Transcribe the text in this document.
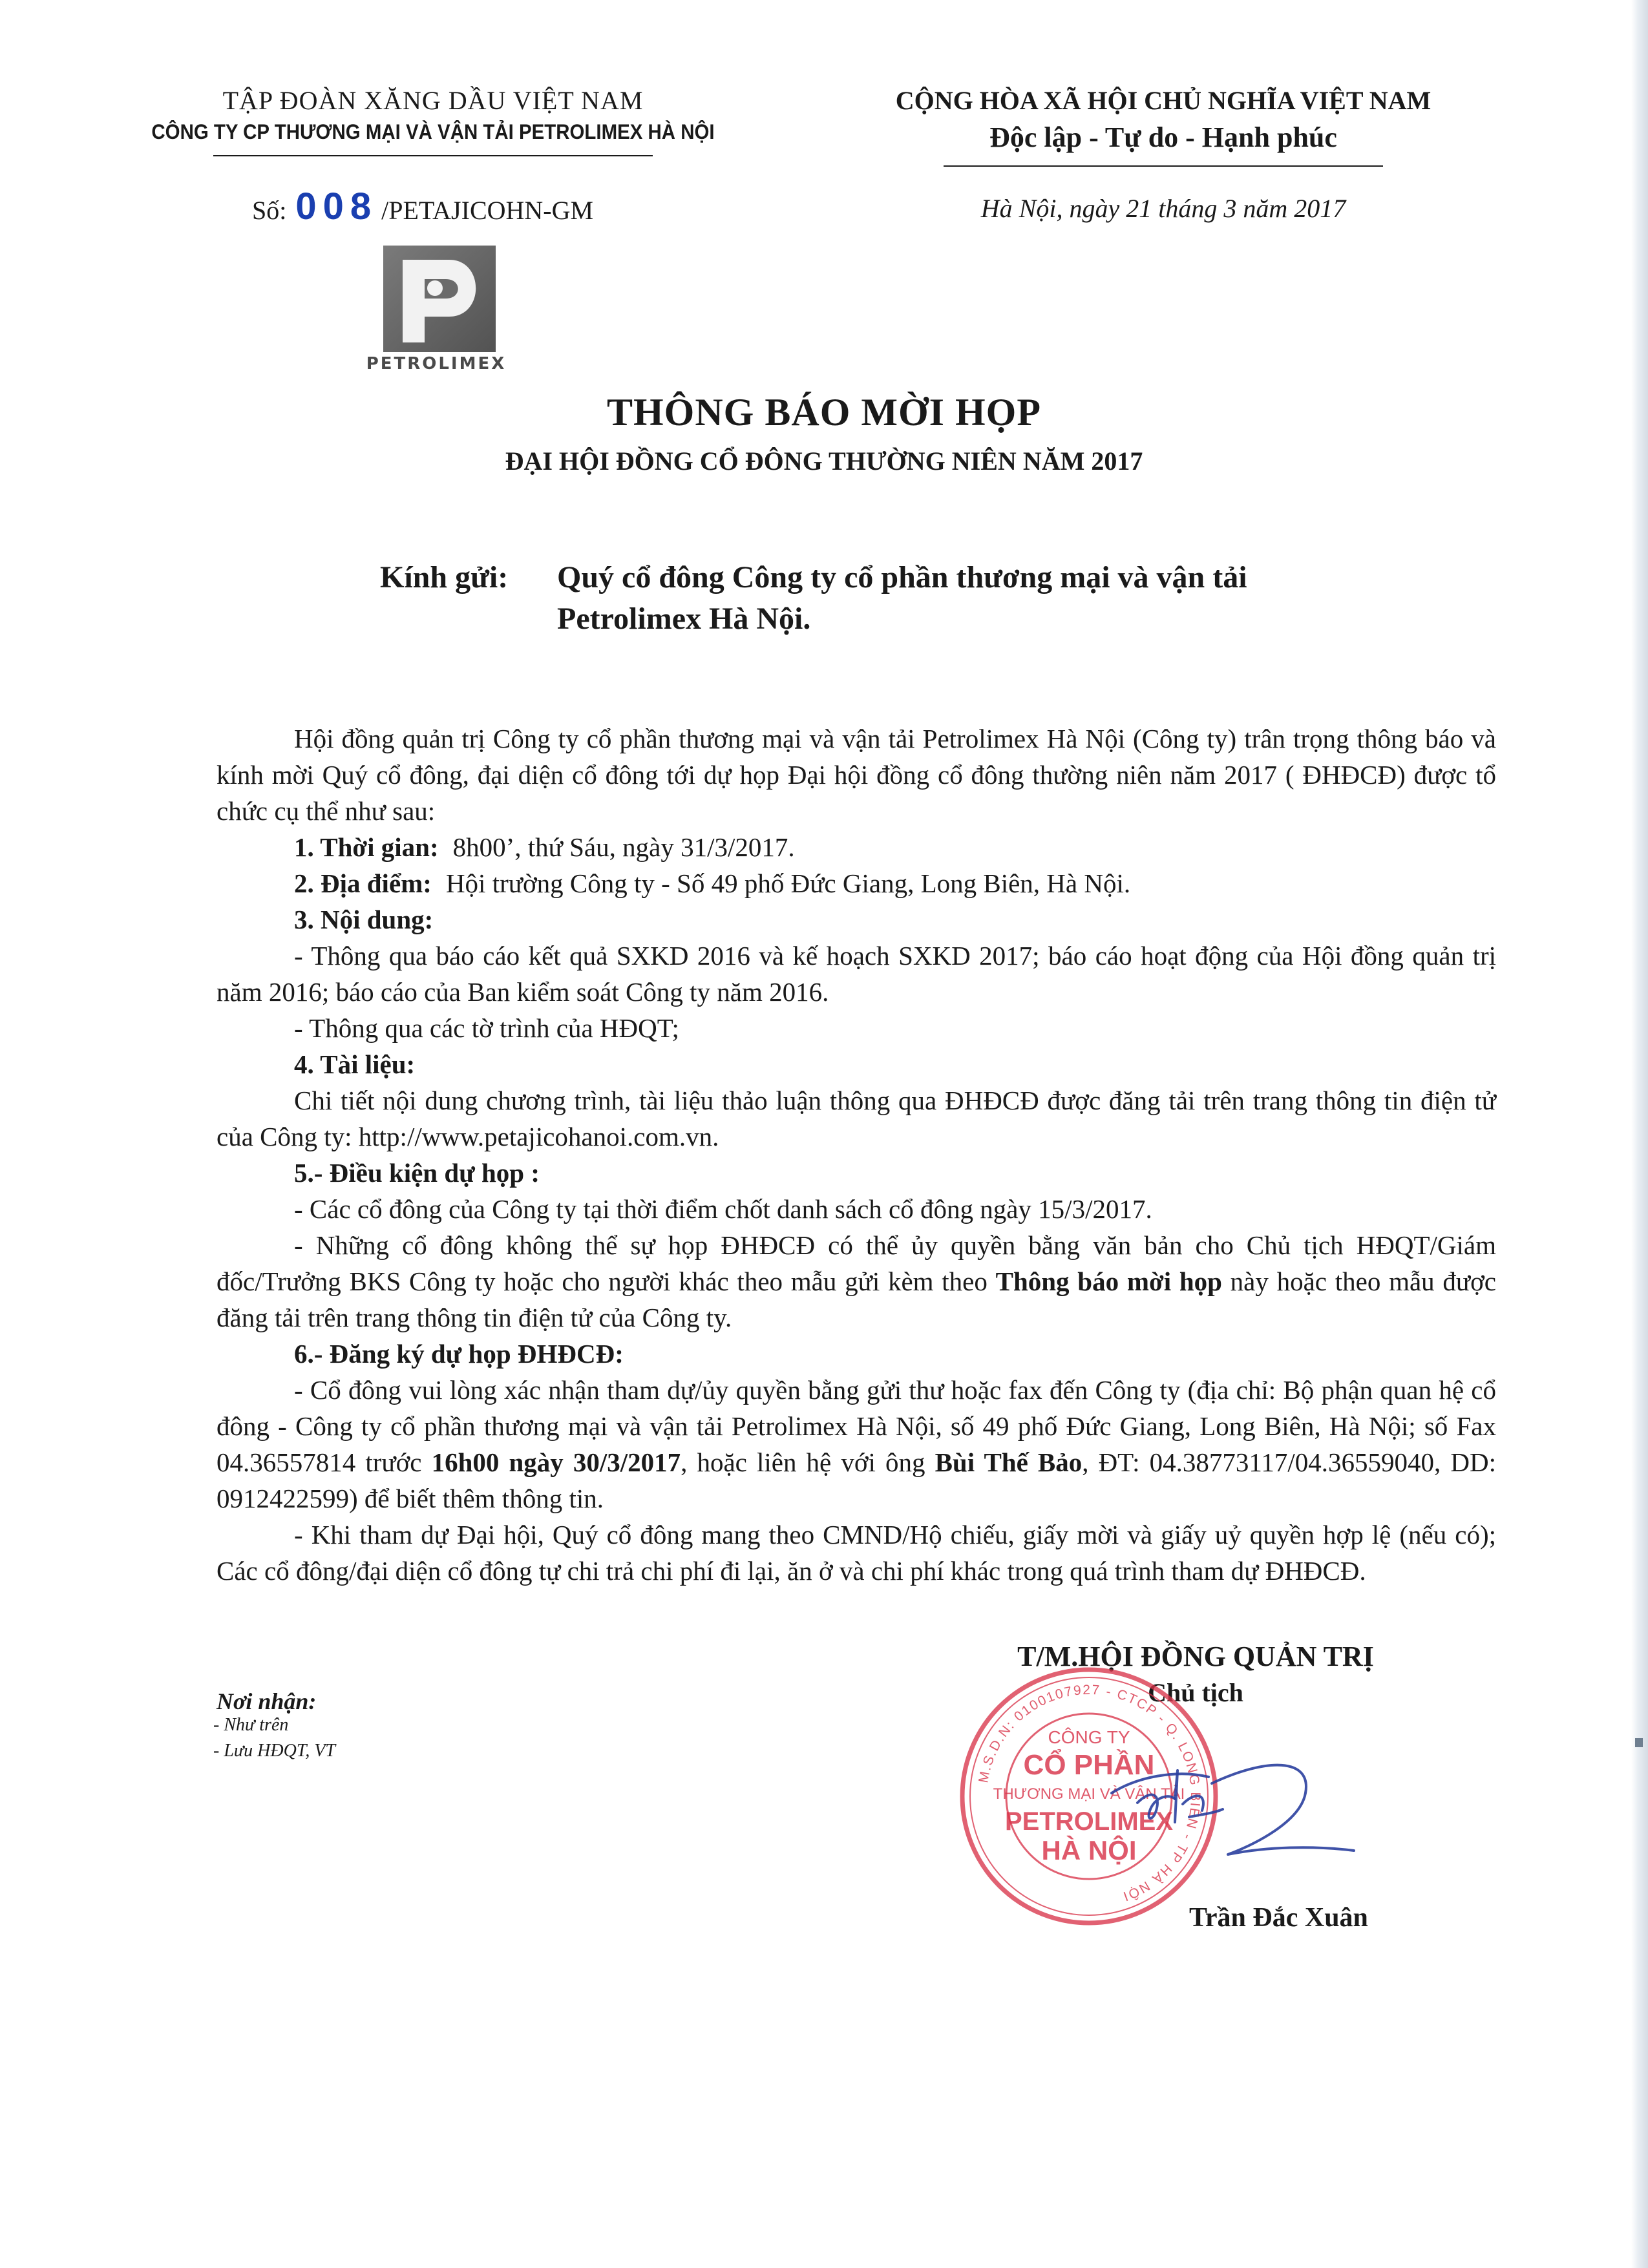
TẬP ĐOÀN XĂNG DẦU VIỆT NAM
CÔNG TY CP THƯƠNG MẠI VÀ VẬN TẢI PETROLIMEX HÀ NỘI
Số: 008 /PETAJICOHN-GM
CỘNG HÒA XÃ HỘI CHỦ NGHĨA VIỆT NAM
Độc lập - Tự do - Hạnh phúc
Hà Nội, ngày 21 tháng 3 năm 2017
PETROLIMEX
THÔNG BÁO MỜI HỌP
ĐẠI HỘI ĐỒNG CỔ ĐÔNG THƯỜNG NIÊN NĂM 2017
Kính gửi: Quý cổ đông Công ty cổ phần thương mại và vận tải
Petrolimex Hà Nội.

Hội đồng quản trị Công ty cổ phần thương mại và vận tải Petrolimex Hà Nội (Công ty) trân trọng thông báo và kính mời Quý cổ đông, đại diện cổ đông tới dự họp Đại hội đồng cổ đông thường niên năm 2017 ( ĐHĐCĐ) được tổ chức cụ thể như sau:

1. Thời gian: 8h00’, thứ Sáu, ngày 31/3/2017.

2. Địa điểm: Hội trường Công ty - Số 49 phố Đức Giang, Long Biên, Hà Nội.

3. Nội dung:

- Thông qua báo cáo kết quả SXKD 2016 và kế hoạch SXKD 2017; báo cáo hoạt động của Hội đồng quản trị năm 2016; báo cáo của Ban kiểm soát Công ty năm 2016.

- Thông qua các tờ trình của HĐQT;

4. Tài liệu:

Chi tiết nội dung chương trình, tài liệu thảo luận thông qua ĐHĐCĐ được đăng tải trên trang thông tin điện tử của Công ty: http://www.petajicohanoi.com.vn.

5.- Điều kiện dự họp :

- Các cổ đông của Công ty tại thời điểm chốt danh sách cổ đông ngày 15/3/2017.

- Những cổ đông không thể sự họp ĐHĐCĐ có thể ủy quyền bằng văn bản cho Chủ tịch HĐQT/Giám đốc/Trưởng BKS Công ty hoặc cho người khác theo mẫu gửi kèm theo Thông báo mời họp này hoặc theo mẫu được đăng tải trên trang thông tin điện tử của Công ty.

6.- Đăng ký dự họp ĐHĐCĐ:

- Cổ đông vui lòng xác nhận tham dự/ủy quyền bằng gửi thư hoặc fax đến Công ty (địa chỉ: Bộ phận quan hệ cổ đông - Công ty cổ phần thương mại và vận tải Petrolimex Hà Nội, số 49 phố Đức Giang, Long Biên, Hà Nội; số Fax 04.36557814 trước 16h00 ngày 30/3/2017, hoặc liên hệ với ông Bùi Thế Bảo, ĐT: 04.38773117/04.36559040, DD: 0912422599) để biết thêm thông tin.

- Khi tham dự Đại hội, Quý cổ đông mang theo CMND/Hộ chiếu, giấy mời và giấy uỷ quyền hợp lệ (nếu có); Các cổ đông/đại diện cổ đông tự chi trả chi phí đi lại, ăn ở và chi phí khác trong quá trình tham dự ĐHĐCĐ.

Nơi nhận:
- Như trên
- Lưu HĐQT, VT
T/M.HỘI ĐỒNG QUẢN TRỊ
Chủ tịch
M.S.D.N: 0100107927 - CTCP - Q. LONG BIÊN - TP HÀ NỘI
CÔNG TY
CỔ PHẦN
THƯƠNG MẠI VÀ VẬN TẢI
PETROLIMEX
HÀ NỘI
Trần Đắc Xuân
